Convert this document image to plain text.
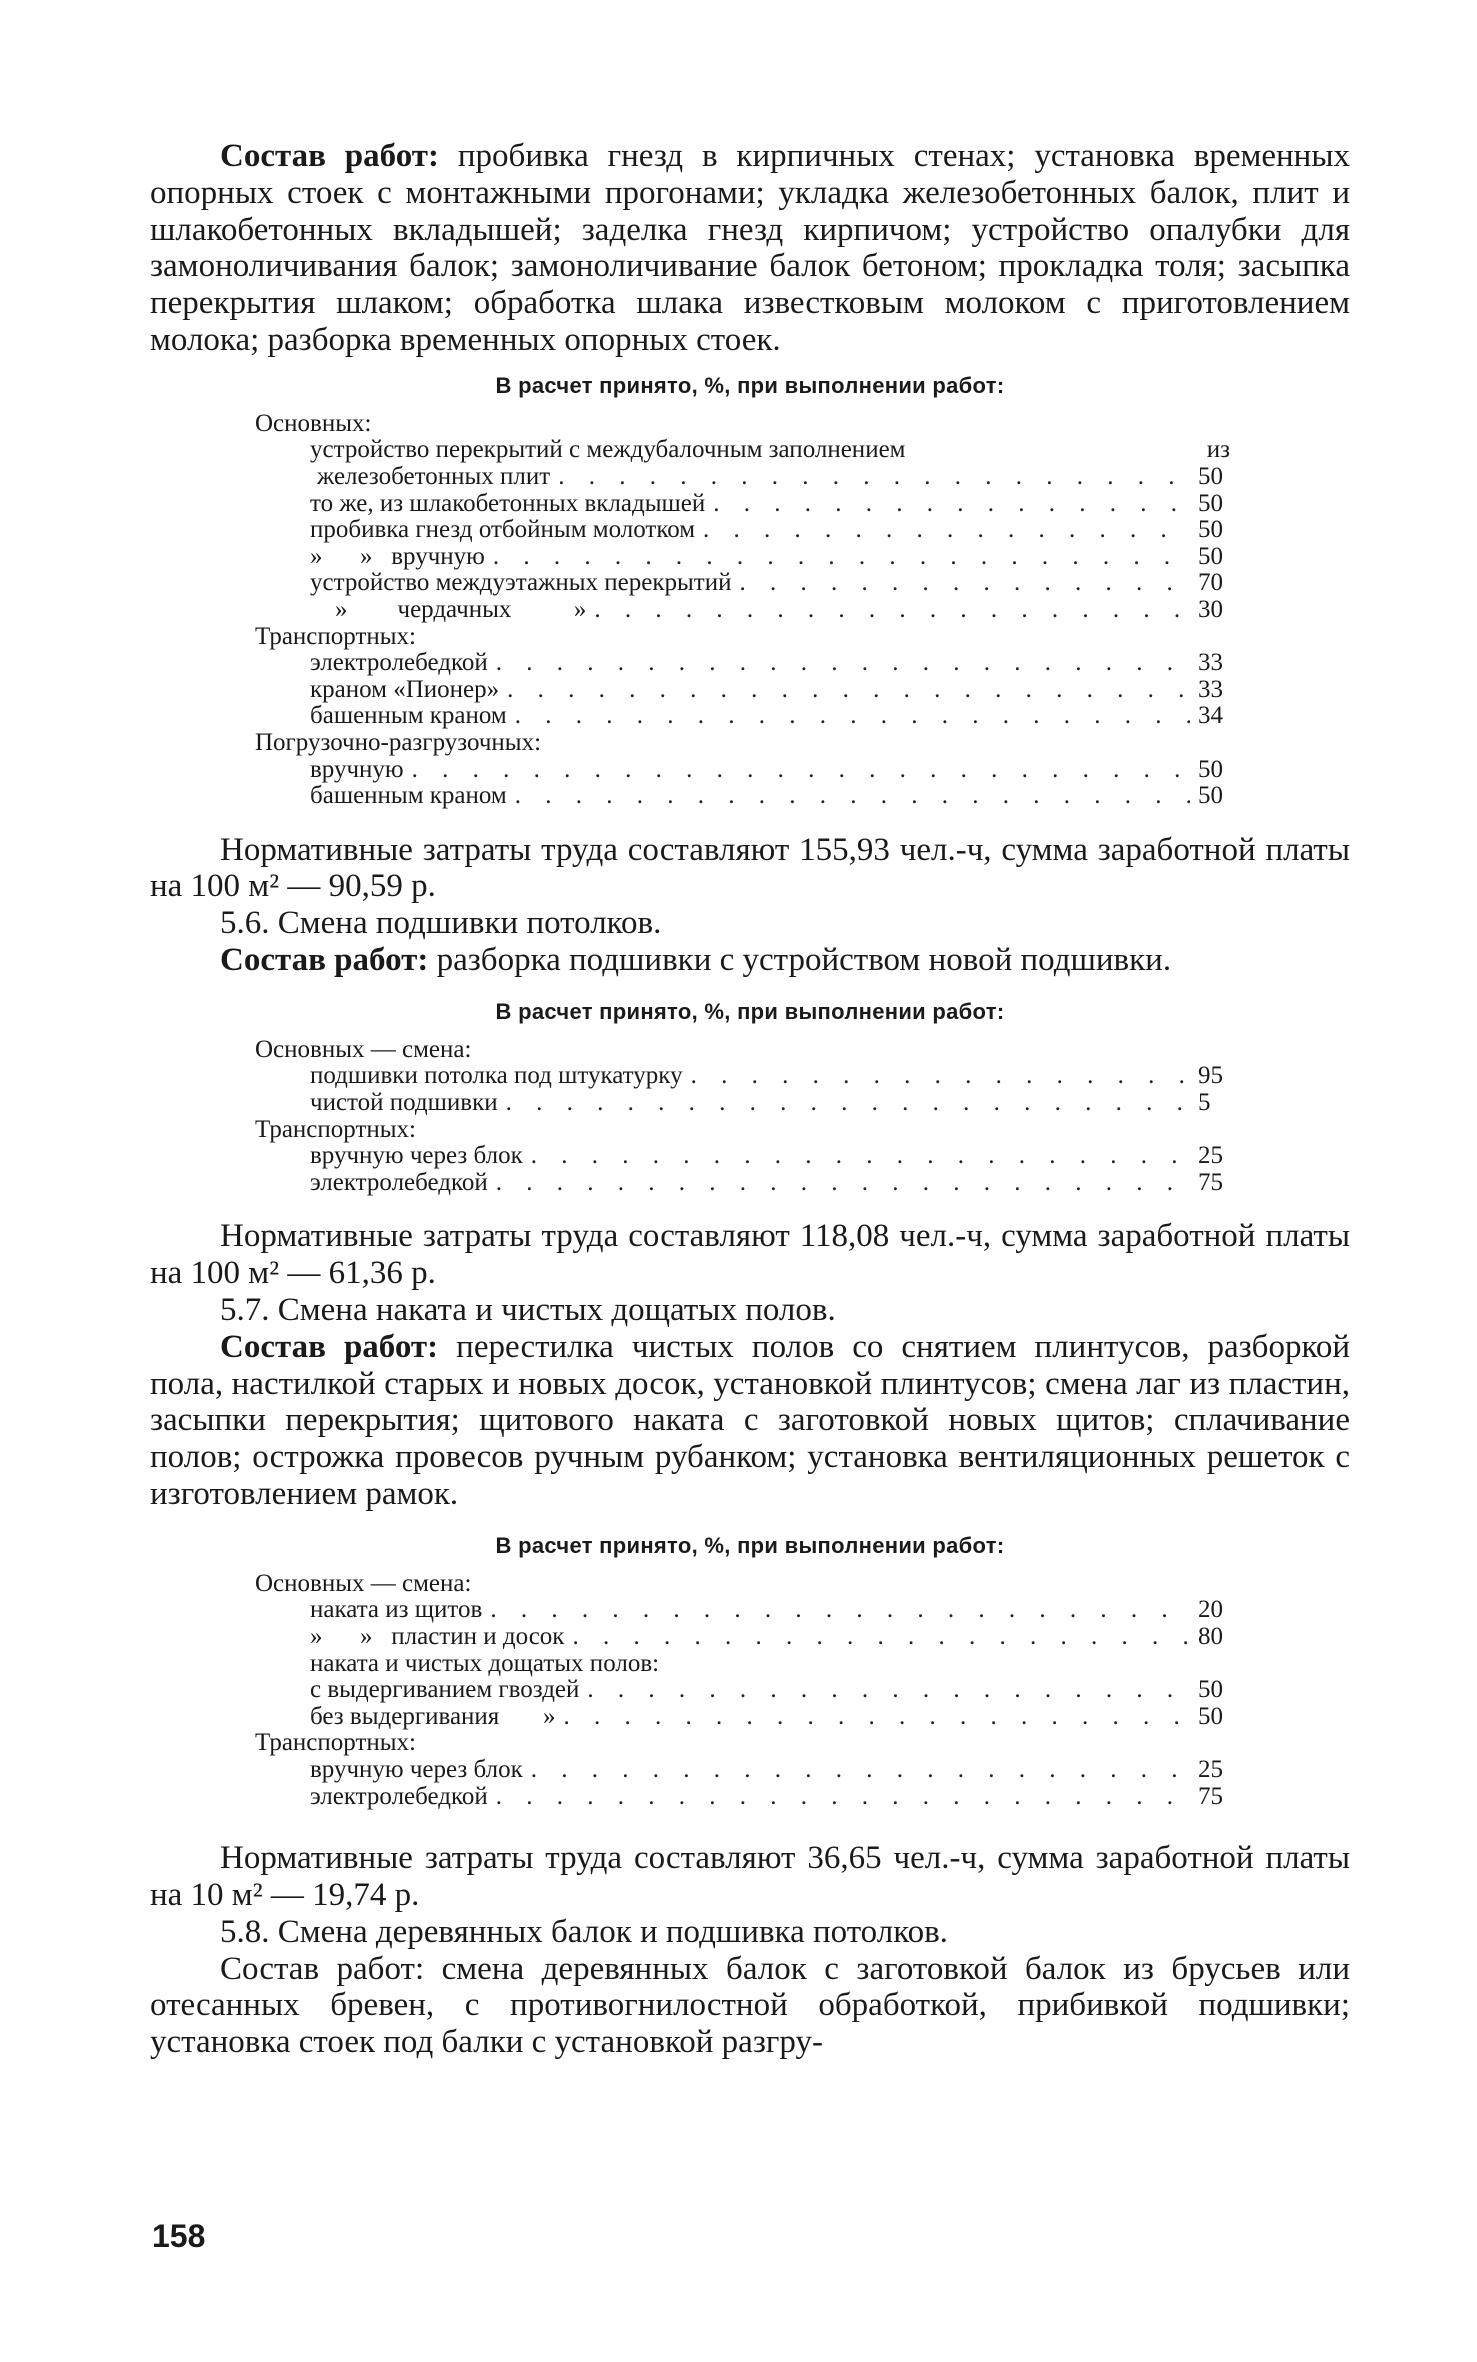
Состав работ: пробивка гнезд в кирпичных стенах; установка временных опорных стоек с монтажными прогонами; укладка железобетонных балок, плит и шлакобетонных вкладышей; заделка гнезд кирпичом; устройство опалубки для замоноличивания балок; замоноличивание балок бетоном; прокладка толя; засыпка перекрытия шлаком; обработка шлака известковым молоком с приготовлением молока; разборка временных опорных стоек.

В расчет принято, %, при выполнении работ:
Основных:
устройство перекрытий с междубалочным заполнением	из
железобетонных плит . . .	50
то же, из шлакобетонных вкладышей . . .	50
пробивка гнезд отбойным молотком . . .	50
»      »   вручную . . .	50
устройство междуэтажных перекрытий . . .	70
»        чердачных          » . . .	30
Транспортных:
электролебедкой . . .	33
краном «Пионер» . . .	33
башенным краном . . .	34
Погрузочно-разгрузочных:
вручную . . .	50
башенным краном . . .	50

Нормативные затраты труда составляют 155,93 чел.-ч, сумма заработной платы на 100 м² — 90,59 р.

5.6. Смена подшивки потолков.

Состав работ: разборка подшивки с устройством новой подшивки.

В расчет принято, %, при выполнении работ:
Основных — смена:
подшивки потолка под штукатурку . . .	95
чистой подшивки . . .	5
Транспортных:
вручную через блок . . .	25
электролебедкой . . .	75

Нормативные затраты труда составляют 118,08 чел.-ч, сумма заработной платы на 100 м² — 61,36 р.

5.7. Смена наката и чистых дощатых полов.

Состав работ: перестилка чистых полов со снятием плинтусов, разборкой пола, настилкой старых и новых досок, установкой плинтусов; смена лаг из пластин, засыпки перекрытия; щитового наката с заготовкой новых щитов; сплачивание полов; острожка провесов ручным рубанком; установка вентиляционных решеток с изготовлением рамок.

В расчет принято, %, при выполнении работ:
Основных — смена:
наката из щитов . . .	20
»      »   пластин и досок . . .	80
наката и чистых дощатых полов:
с выдергиванием гвоздей . . .	50
без выдергивания       » . . .	50
Транспортных:
вручную через блок . . .	25
электролебедкой . . .	75

Нормативные затраты труда составляют 36,65 чел.-ч, сумма заработной платы на 10 м² — 19,74 р.

5.8. Смена деревянных балок и подшивка потолков.

Состав работ: смена деревянных балок с заготовкой балок из брусьев или отесанных бревен, с противогнилостной обработкой, прибивкой подшивки; установка стоек под балки с установкой разгру-

158
